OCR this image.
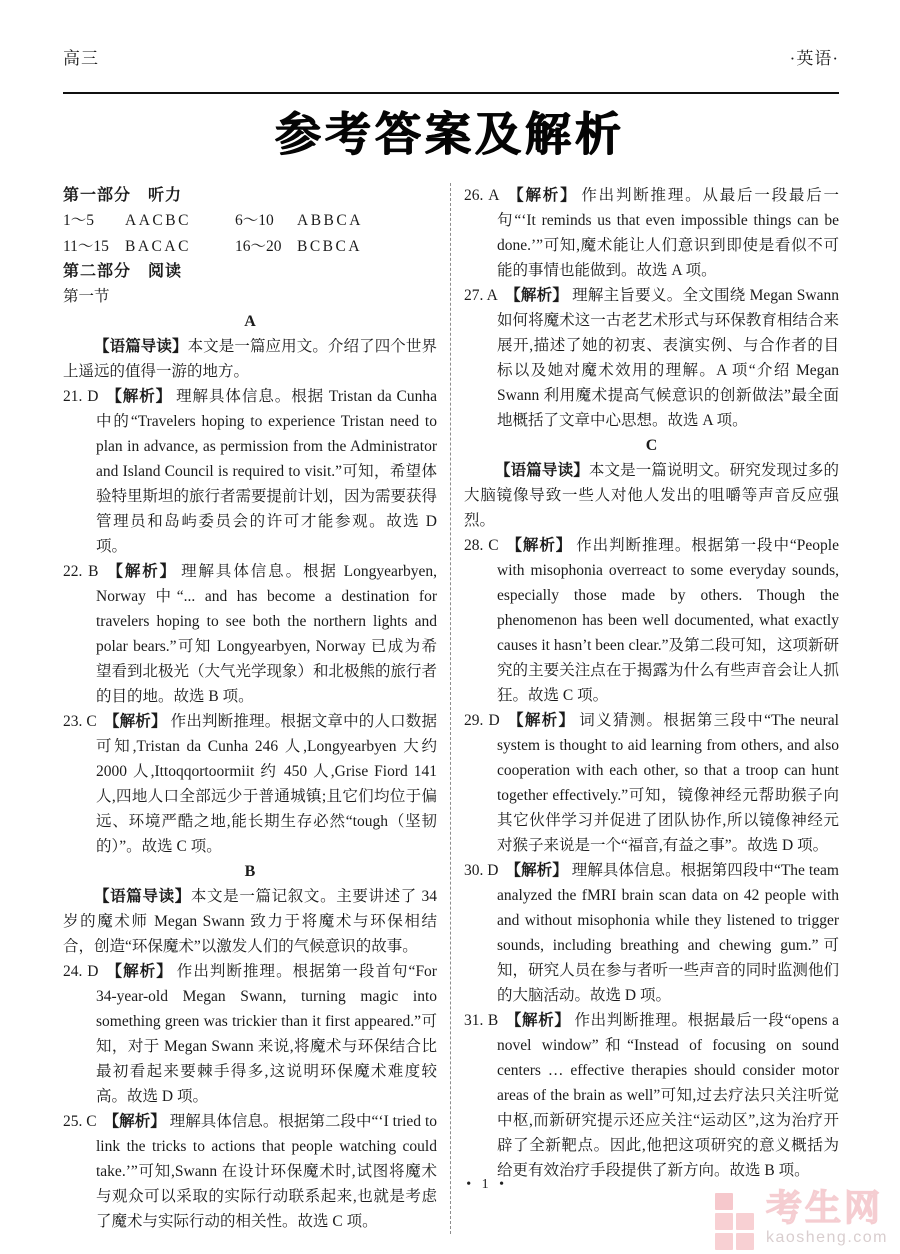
高三	·英语·
参考答案及解析

第一部分　听力

1～5 AACBC	6～10 ABBCA
11～15 BACAC	16～20 BCBCA

第二部分　阅读

第一节

A

【语篇导读】本文是一篇应用文。介绍了四个世界上遥远的值得一游的地方。

21. D 【解析】 理解具体信息。根据 Tristan da Cunha 中的“Travelers hoping to experience Tristan need to plan in advance, as permission from the Administrator and Island Council is required to visit.”可知，希望体验特里斯坦的旅行者需要提前计划，因为需要获得管理员和岛屿委员会的许可才能参观。故选 D 项。
22. B 【解析】 理解具体信息。根据 Longyearbyen, Norway 中“... and has become a destination for travelers hoping to see both the northern lights and polar bears.”可知 Longyearbyen, Norway 已成为希望看到北极光（大气光学现象）和北极熊的旅行者的目的地。故选 B 项。
23. C 【解析】 作出判断推理。根据文章中的人口数据可知,Tristan da Cunha 246 人,Longyearbyen 大约 2000 人,Ittoqqortoormiit 约 450 人,Grise Fiord 141 人,四地人口全部远少于普通城镇;且它们均位于偏远、环境严酷之地,能长期生存必然“tough（坚韧的）”。故选 C 项。

B

【语篇导读】本文是一篇记叙文。主要讲述了 34 岁的魔术师 Megan Swann 致力于将魔术与环保相结合，创造“环保魔术”以激发人们的气候意识的故事。

24. D 【解析】 作出判断推理。根据第一段首句“For 34-year-old Megan Swann, turning magic into something green was trickier than it first appeared.”可知，对于 Megan Swann 来说,将魔术与环保结合比最初看起来要棘手得多,这说明环保魔术难度较高。故选 D 项。
25. C 【解析】 理解具体信息。根据第二段中“‘I tried to link the tricks to actions that people watching could take.’”可知,Swann 在设计环保魔术时,试图将魔术与观众可以采取的实际行动联系起来,也就是考虑了魔术与实际行动的相关性。故选 C 项。
26. A 【解析】 作出判断推理。从最后一段最后一句“‘It reminds us that even impossible things can be done.’”可知,魔术能让人们意识到即使是看似不可能的事情也能做到。故选 A 项。
27. A 【解析】 理解主旨要义。全文围绕 Megan Swann 如何将魔术这一古老艺术形式与环保教育相结合来展开,描述了她的初衷、表演实例、与合作者的目标以及她对魔术效用的理解。A 项“介绍 Megan Swann 利用魔术提高气候意识的创新做法”最全面地概括了文章中心思想。故选 A 项。

C

【语篇导读】本文是一篇说明文。研究发现过多的大脑镜像导致一些人对他人发出的咀嚼等声音反应强烈。

28. C 【解析】 作出判断推理。根据第一段中“People with misophonia overreact to some everyday sounds, especially those made by others. Though the phenomenon has been well documented, what exactly causes it hasn’t been clear.”及第二段可知，这项新研究的主要关注点在于揭露为什么有些声音会让人抓狂。故选 C 项。
29. D 【解析】 词义猜测。根据第三段中“The neural system is thought to aid learning from others, and also cooperation with each other, so that a troop can hunt together effectively.”可知，镜像神经元帮助猴子向其它伙伴学习并促进了团队协作,所以镜像神经元对猴子来说是一个“福音,有益之事”。故选 D 项。
30. D 【解析】 理解具体信息。根据第四段中“The team analyzed the fMRI brain scan data on 42 people with and without misophonia while they listened to trigger sounds, including breathing and chewing gum.”可知，研究人员在参与者听一些声音的同时监测他们的大脑活动。故选 D 项。
31. B 【解析】 作出判断推理。根据最后一段“opens a novel window”和“Instead of focusing on sound centers … effective therapies should consider motor areas of the brain as well”可知,过去疗法只关注听觉中枢,而新研究提示还应关注“运动区”,这为治疗开辟了全新靶点。因此,他把这项研究的意义概括为给更有效治疗手段提供了新方向。故选 B 项。
• 1 •
考生网
kaosheng.com
